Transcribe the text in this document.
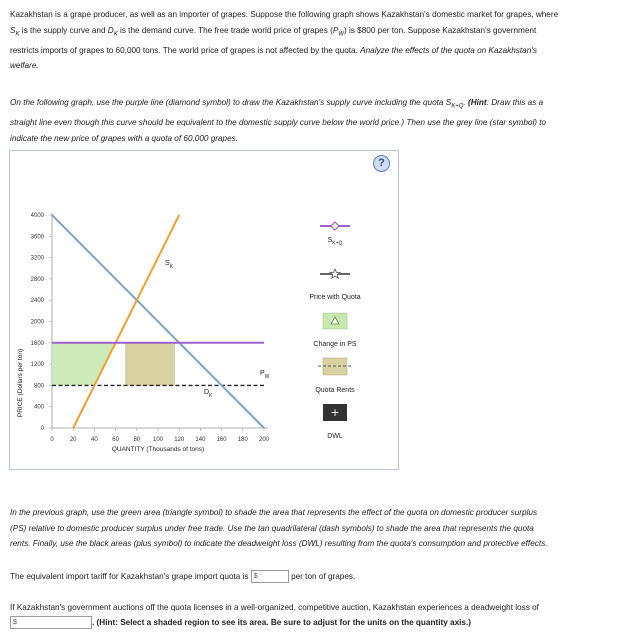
Kazakhstan is a grape producer, as well as an importer of grapes. Suppose the following graph shows Kazakhstan's domestic market for grapes, where
$S_K$ is the supply curve and $D_K$ is the demand curve. The free trade world price of grapes $(P_W)$ is $800 per ton. Suppose Kazakhstan's government
restricts imports of grapes to 60,000 tons. The world price of grapes is not affected by the quota. Analyze the effects of the quota on Kazakhstan's
welfare.
On the following graph, use the purple line (diamond symbol) to draw the Kazakhstan's supply curve including the quota $S_{K+Q}$. (Hint: Draw this as a
straight line even though this curve should be equivalent to the domestic supply curve below the world price.) Then use the grey line (star symbol) to
indicate the new price of grapes with a quota of 60,000 grapes.
?
4000
3600
3200
2800
2400
2000
1600
1200
800
400
0
0	20 40 60 80 100 120 140 160 180 200
PRICE (Dollars per ton)
QUANTITY (Thousands of tons)
$S_K$
$D_K$
$P_W$
+
$S_{K+Q}$
Price with Quota
Change in PS
Quota Rents
DWL
In the previous graph, use the green area (triangle symbol) to shade the area that represents the effect of the quota on domestic producer surplus
(PS) relative to domestic producer surplus under free trade. Use the tan quadrilateral (dash symbols) to shade the area that represents the quota
rents. Finally, use the black areas (plus symbol) to indicate the deadweight loss (DWL) resulting from the quota's consumption and protective effects.
The equivalent import tariff for Kazakhstan's grape import quota is $	per ton of grapes.
If Kazakhstan's government auctions off the quota licenses in a well-organized, competitive auction, Kazakhstan experiences a deadweight loss of
$	. (Hint: Select a shaded region to see its area. Be sure to adjust for the units on the quantity axis.)
